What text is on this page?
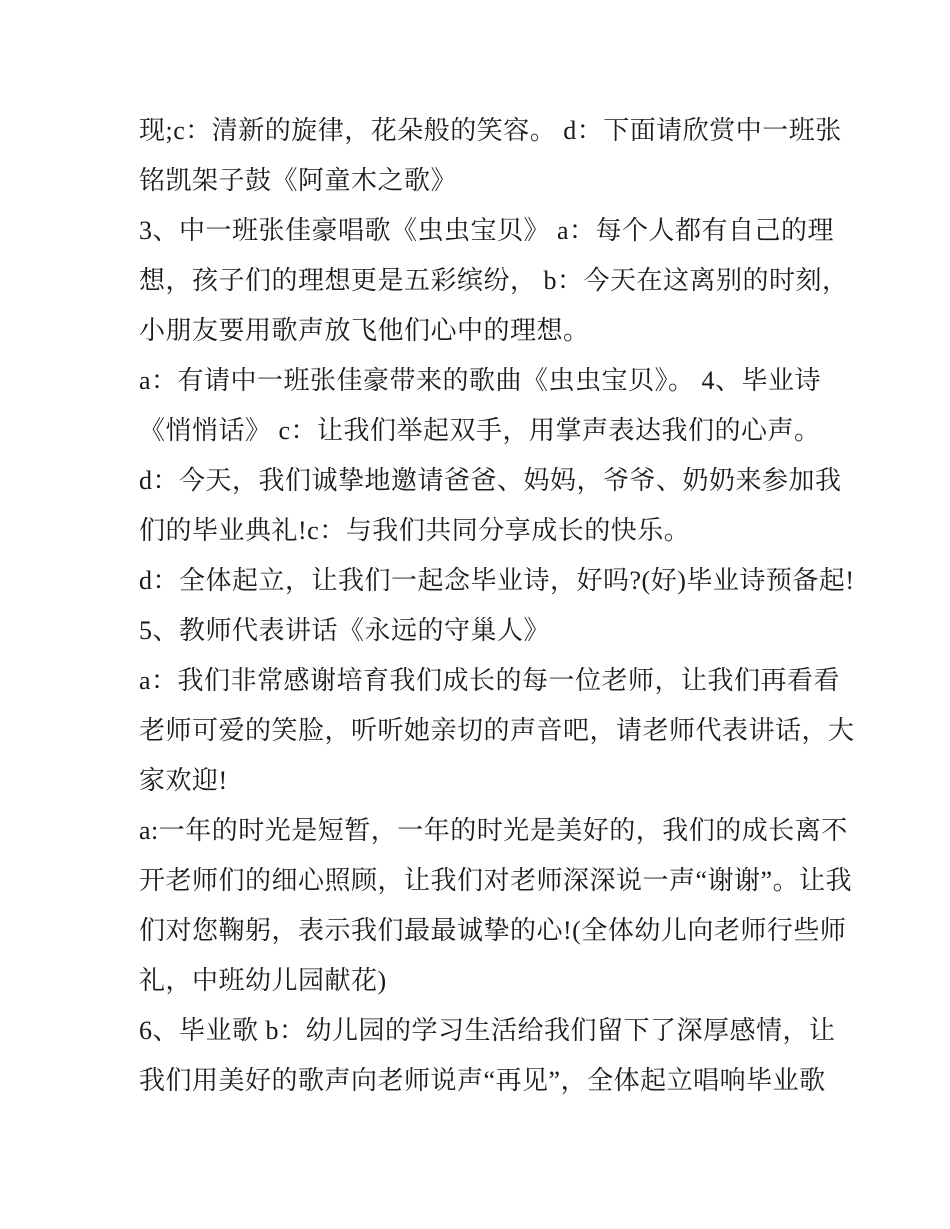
现;c：清新的旋律，花朵般的笑容。 d：下面请欣赏中一班张
铭凯架子鼓《阿童木之歌》
3、中一班张佳豪唱歌《虫虫宝贝》 a：每个人都有自己的理
想，孩子们的理想更是五彩缤纷， b：今天在这离别的时刻，
小朋友要用歌声放飞他们心中的理想。
a：有请中一班张佳豪带来的歌曲《虫虫宝贝》。 4、毕业诗
《悄悄话》 c：让我们举起双手，用掌声表达我们的心声。
d：今天，我们诚挚地邀请爸爸、妈妈，爷爷、奶奶来参加我
们的毕业典礼!c：与我们共同分享成长的快乐。
d：全体起立，让我们一起念毕业诗，好吗?(好)毕业诗预备起!
5、教师代表讲话《永远的守巢人》
a：我们非常感谢培育我们成长的每一位老师，让我们再看看
老师可爱的笑脸，听听她亲切的声音吧，请老师代表讲话，大
家欢迎!
a:一年的时光是短暂，一年的时光是美好的，我们的成长离不
开老师们的细心照顾，让我们对老师深深说一声“谢谢”。让我
们对您鞠躬，表示我们最最诚挚的心!(全体幼儿向老师行些师
礼，中班幼儿园献花)
6、毕业歌 b：幼儿园的学习生活给我们留下了深厚感情，让
我们用美好的歌声向老师说声“再见”，全体起立唱响毕业歌
